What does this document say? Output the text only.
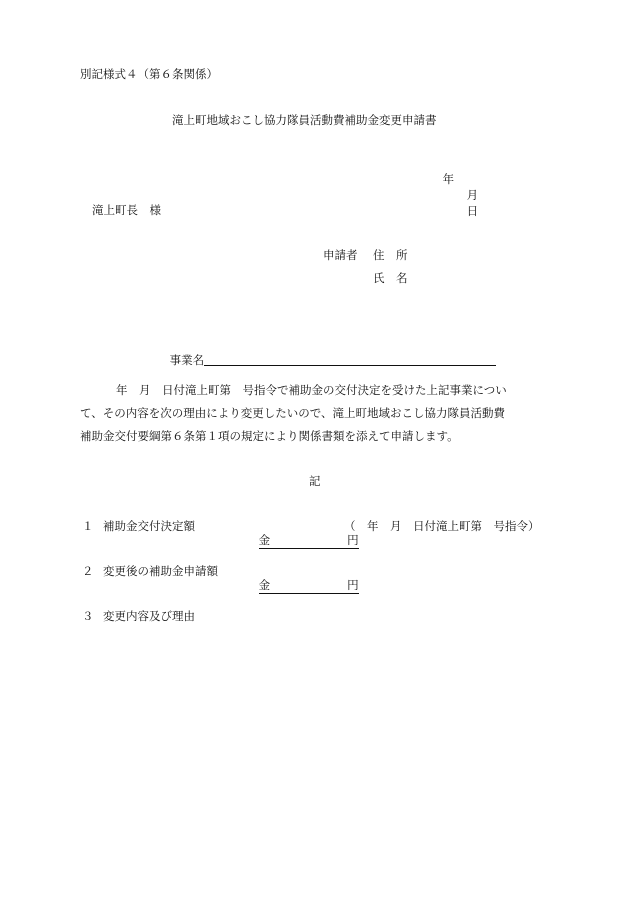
別記様式４（第６条関係）
滝上町地域おこし協力隊員活動費補助金変更申請書

年
月
日

滝上町長　様
申請者 住　所
氏　名

事業名

年　月　日付滝上町第　号指令で補助金の交付決定を受けた上記事業につい
て、その内容を次の理由により変更したいので、滝上町地域おこし協力隊員活動費
補助金交付要綱第６条第１項の規定により関係書類を添えて申請します。
記
１ 補助金交付決定額

金	円

（　年　月　日付滝上町第　号指令）
２ 変更後の補助金申請額

金	円

３ 変更内容及び理由
